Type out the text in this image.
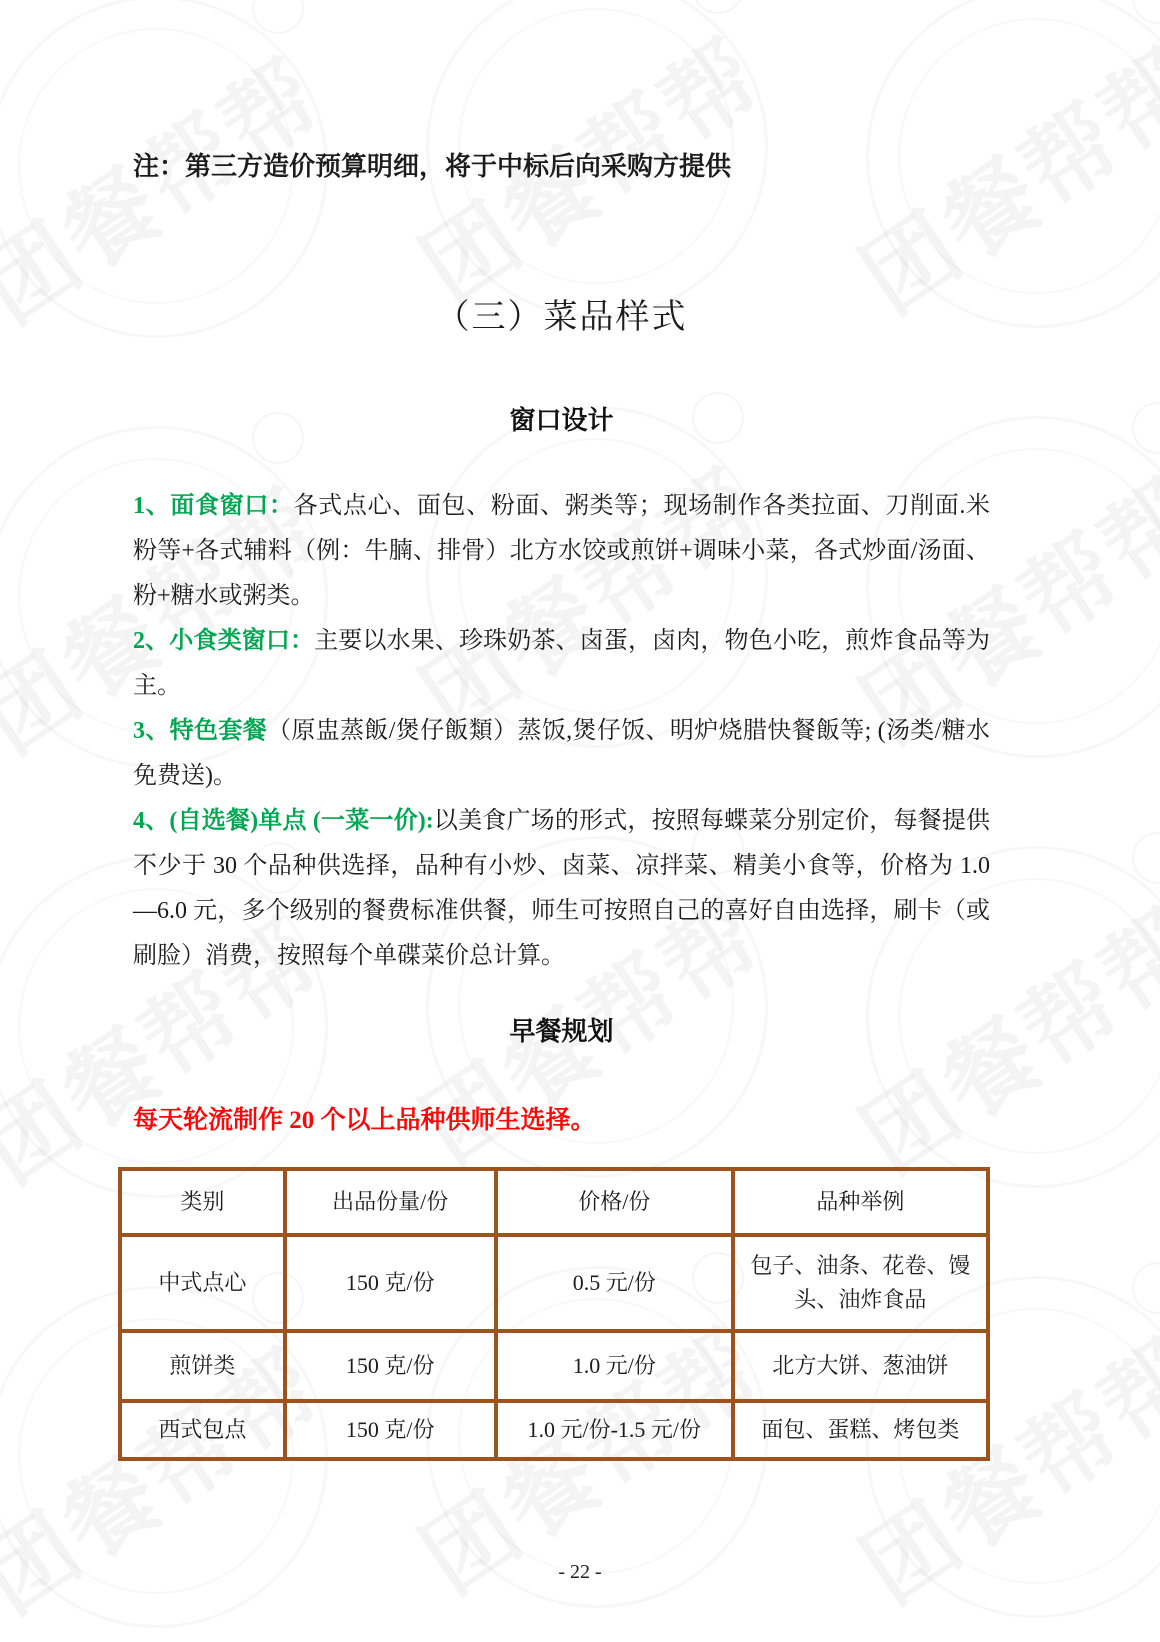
注：第三方造价预算明细，将于中标后向采购方提供

（三）菜品样式
窗口设计

1、面食窗口：各式点心、面包、粉面、粥类等；现场制作各类拉面、刀削面.米粉等+各式辅料（例：牛腩、排骨）北方水饺或煎饼+调味小菜，各式炒面/汤面、粉+糖水或粥类。

2、小食类窗口：主要以水果、珍珠奶茶、卤蛋，卤肉，物色小吃，煎炸食品等为主。

3、特色套餐（原盅蒸飯/煲仔飯類）蒸饭,煲仔饭、明炉烧腊快餐飯等; (汤类/糖水免费送)。

4、(自选餐)单点 (一菜一价):以美食广场的形式，按照每蝶菜分别定价，每餐提供不少于 30 个品种供选择，品种有小炒、卤菜、凉拌菜、精美小食等，价格为 1.0—6.0 元，多个级别的餐费标准供餐，师生可按照自己的喜好自由选择，刷卡（或刷脸）消费，按照每个单碟菜价总计算。

早餐规划

每天轮流制作 20 个以上品种供师生选择。

类别	出品份量/份	价格/份	品种举例
中式点心	150 克/份	0.5 元/份	包子、油条、花卷、馒头、油炸食品
煎饼类	150 克/份	1.0 元/份	北方大饼、葱油饼
西式包点	150 克/份	1.0 元/份-1.5 元/份	面包、蛋糕、烤包类
- 22 -
